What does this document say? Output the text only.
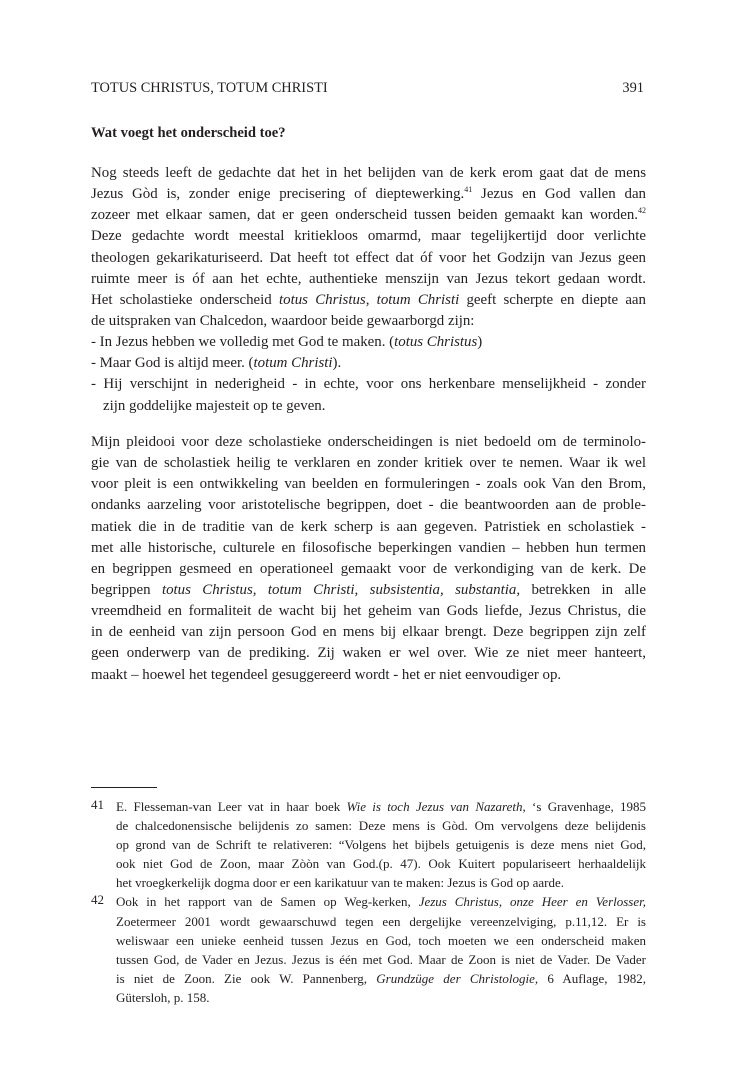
TOTUS CHRISTUS, TOTUM CHRISTI	391
Wat voegt het onderscheid toe?
Nog steeds leeft de gedachte dat het in het belijden van de kerk erom gaat dat de mens
Jezus Gòd is, zonder enige precisering of dieptewerking.$^{41}$ Jezus en God vallen dan
zozeer met elkaar samen, dat er geen onderscheid tussen beiden gemaakt kan worden.$^{42}$
Deze gedachte wordt meestal kritiekloos omarmd, maar tegelijkertijd door verlichte
theologen gekarikaturiseerd. Dat heeft tot effect dat óf voor het Godzijn van Jezus geen
ruimte meer is óf aan het echte, authentieke menszijn van Jezus tekort gedaan wordt.
Het scholastieke onderscheid totus Christus, totum Christi geeft scherpte en diepte aan
de uitspraken van Chalcedon, waardoor beide gewaarborgd zijn:
- In Jezus hebben we volledig met God te maken. (totus Christus)
- Maar God is altijd meer. (totum Christi).
- Hij verschijnt in nederigheid - in echte, voor ons herkenbare menselijkheid - zonder
zijn goddelijke majesteit op te geven.
Mijn pleidooi voor deze scholastieke onderscheidingen is niet bedoeld om de terminolo-
gie van de scholastiek heilig te verklaren en zonder kritiek over te nemen. Waar ik wel
voor pleit is een ontwikkeling van beelden en formuleringen - zoals ook Van den Brom,
ondanks aarzeling voor aristotelische begrippen, doet - die beantwoorden aan de proble-
matiek die in de traditie van de kerk scherp is aan gegeven. Patristiek en scholastiek -
met alle historische, culturele en filosofische beperkingen vandien – hebben hun termen
en begrippen gesmeed en operationeel gemaakt voor de verkondiging van de kerk. De
begrippen totus Christus, totum Christi, subsistentia, substantia, betrekken in alle
vreemdheid en formaliteit de wacht bij het geheim van Gods liefde, Jezus Christus, die
in de eenheid van zijn persoon God en mens bij elkaar brengt. Deze begrippen zijn zelf
geen onderwerp van de prediking. Zij waken er wel over. Wie ze niet meer hanteert,
maakt – hoewel het tegendeel gesuggereerd wordt - het er niet eenvoudiger op.
41 E. Flesseman-van Leer vat in haar boek Wie is toch Jezus van Nazareth, ‘s Gravenhage, 1985
de chalcedonensische belijdenis zo samen: Deze mens is Gòd. Om vervolgens deze belijdenis
op grond van de Schrift te relativeren: “Volgens het bijbels getuigenis is deze mens niet God,
ook niet God de Zoon, maar Zòòn van God.(p. 47). Ook Kuitert populariseert herhaaldelijk
het vroegkerkelijk dogma door er een karikatuur van te maken: Jezus is God op aarde.
42 Ook in het rapport van de Samen op Weg-kerken, Jezus Christus, onze Heer en Verlosser,
Zoetermeer 2001 wordt gewaarschuwd tegen een dergelijke vereenzelviging, p.11,12. Er is
weliswaar een unieke eenheid tussen Jezus en God, toch moeten we een onderscheid maken
tussen God, de Vader en Jezus. Jezus is één met God. Maar de Zoon is niet de Vader. De Vader
is niet de Zoon. Zie ook W. Pannenberg, Grundzüge der Christologie, 6 Auflage, 1982,
Gütersloh, p. 158.
